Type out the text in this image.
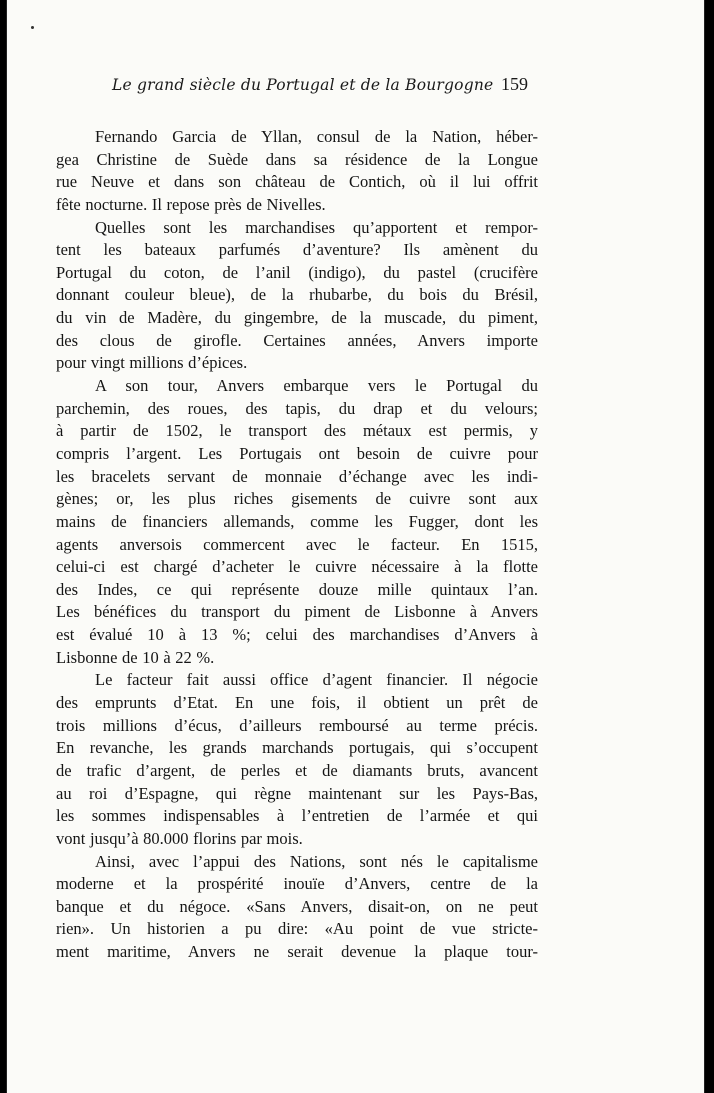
Le grand siècle du Portugal et de la Bourgogne 159
Fernando Garcia de Yllan, consul de la Nation, héber-
gea Christine de Suède dans sa résidence de la Longue
rue Neuve et dans son château de Contich, où il lui offrit
fête nocturne. Il repose près de Nivelles.
Quelles sont les marchandises qu’apportent et rempor-
tent les bateaux parfumés d’aventure? Ils amènent du
Portugal du coton, de l’anil (indigo), du pastel (crucifère
donnant couleur bleue), de la rhubarbe, du bois du Brésil,
du vin de Madère, du gingembre, de la muscade, du piment,
des clous de girofle. Certaines années, Anvers importe
pour vingt millions d’épices.
A son tour, Anvers embarque vers le Portugal du
parchemin, des roues, des tapis, du drap et du velours;
à partir de 1502, le transport des métaux est permis, y
compris l’argent. Les Portugais ont besoin de cuivre pour
les bracelets servant de monnaie d’échange avec les indi-
gènes; or, les plus riches gisements de cuivre sont aux
mains de financiers allemands, comme les Fugger, dont les
agents anversois commercent avec le facteur. En 1515,
celui-ci est chargé d’acheter le cuivre nécessaire à la flotte
des Indes, ce qui représente douze mille quintaux l’an.
Les bénéfices du transport du piment de Lisbonne à Anvers
est évalué 10 à 13 %; celui des marchandises d’Anvers à
Lisbonne de 10 à 22 %.
Le facteur fait aussi office d’agent financier. Il négocie
des emprunts d’Etat. En une fois, il obtient un prêt de
trois millions d’écus, d’ailleurs remboursé au terme précis.
En revanche, les grands marchands portugais, qui s’occupent
de trafic d’argent, de perles et de diamants bruts, avancent
au roi d’Espagne, qui règne maintenant sur les Pays-Bas,
les sommes indispensables à l’entretien de l’armée et qui
vont jusqu’à 80.000 florins par mois.
Ainsi, avec l’appui des Nations, sont nés le capitalisme
moderne et la prospérité inouïe d’Anvers, centre de la
banque et du négoce. «Sans Anvers, disait-on, on ne peut
rien». Un historien a pu dire: «Au point de vue stricte-
ment maritime, Anvers ne serait devenue la plaque tour-
